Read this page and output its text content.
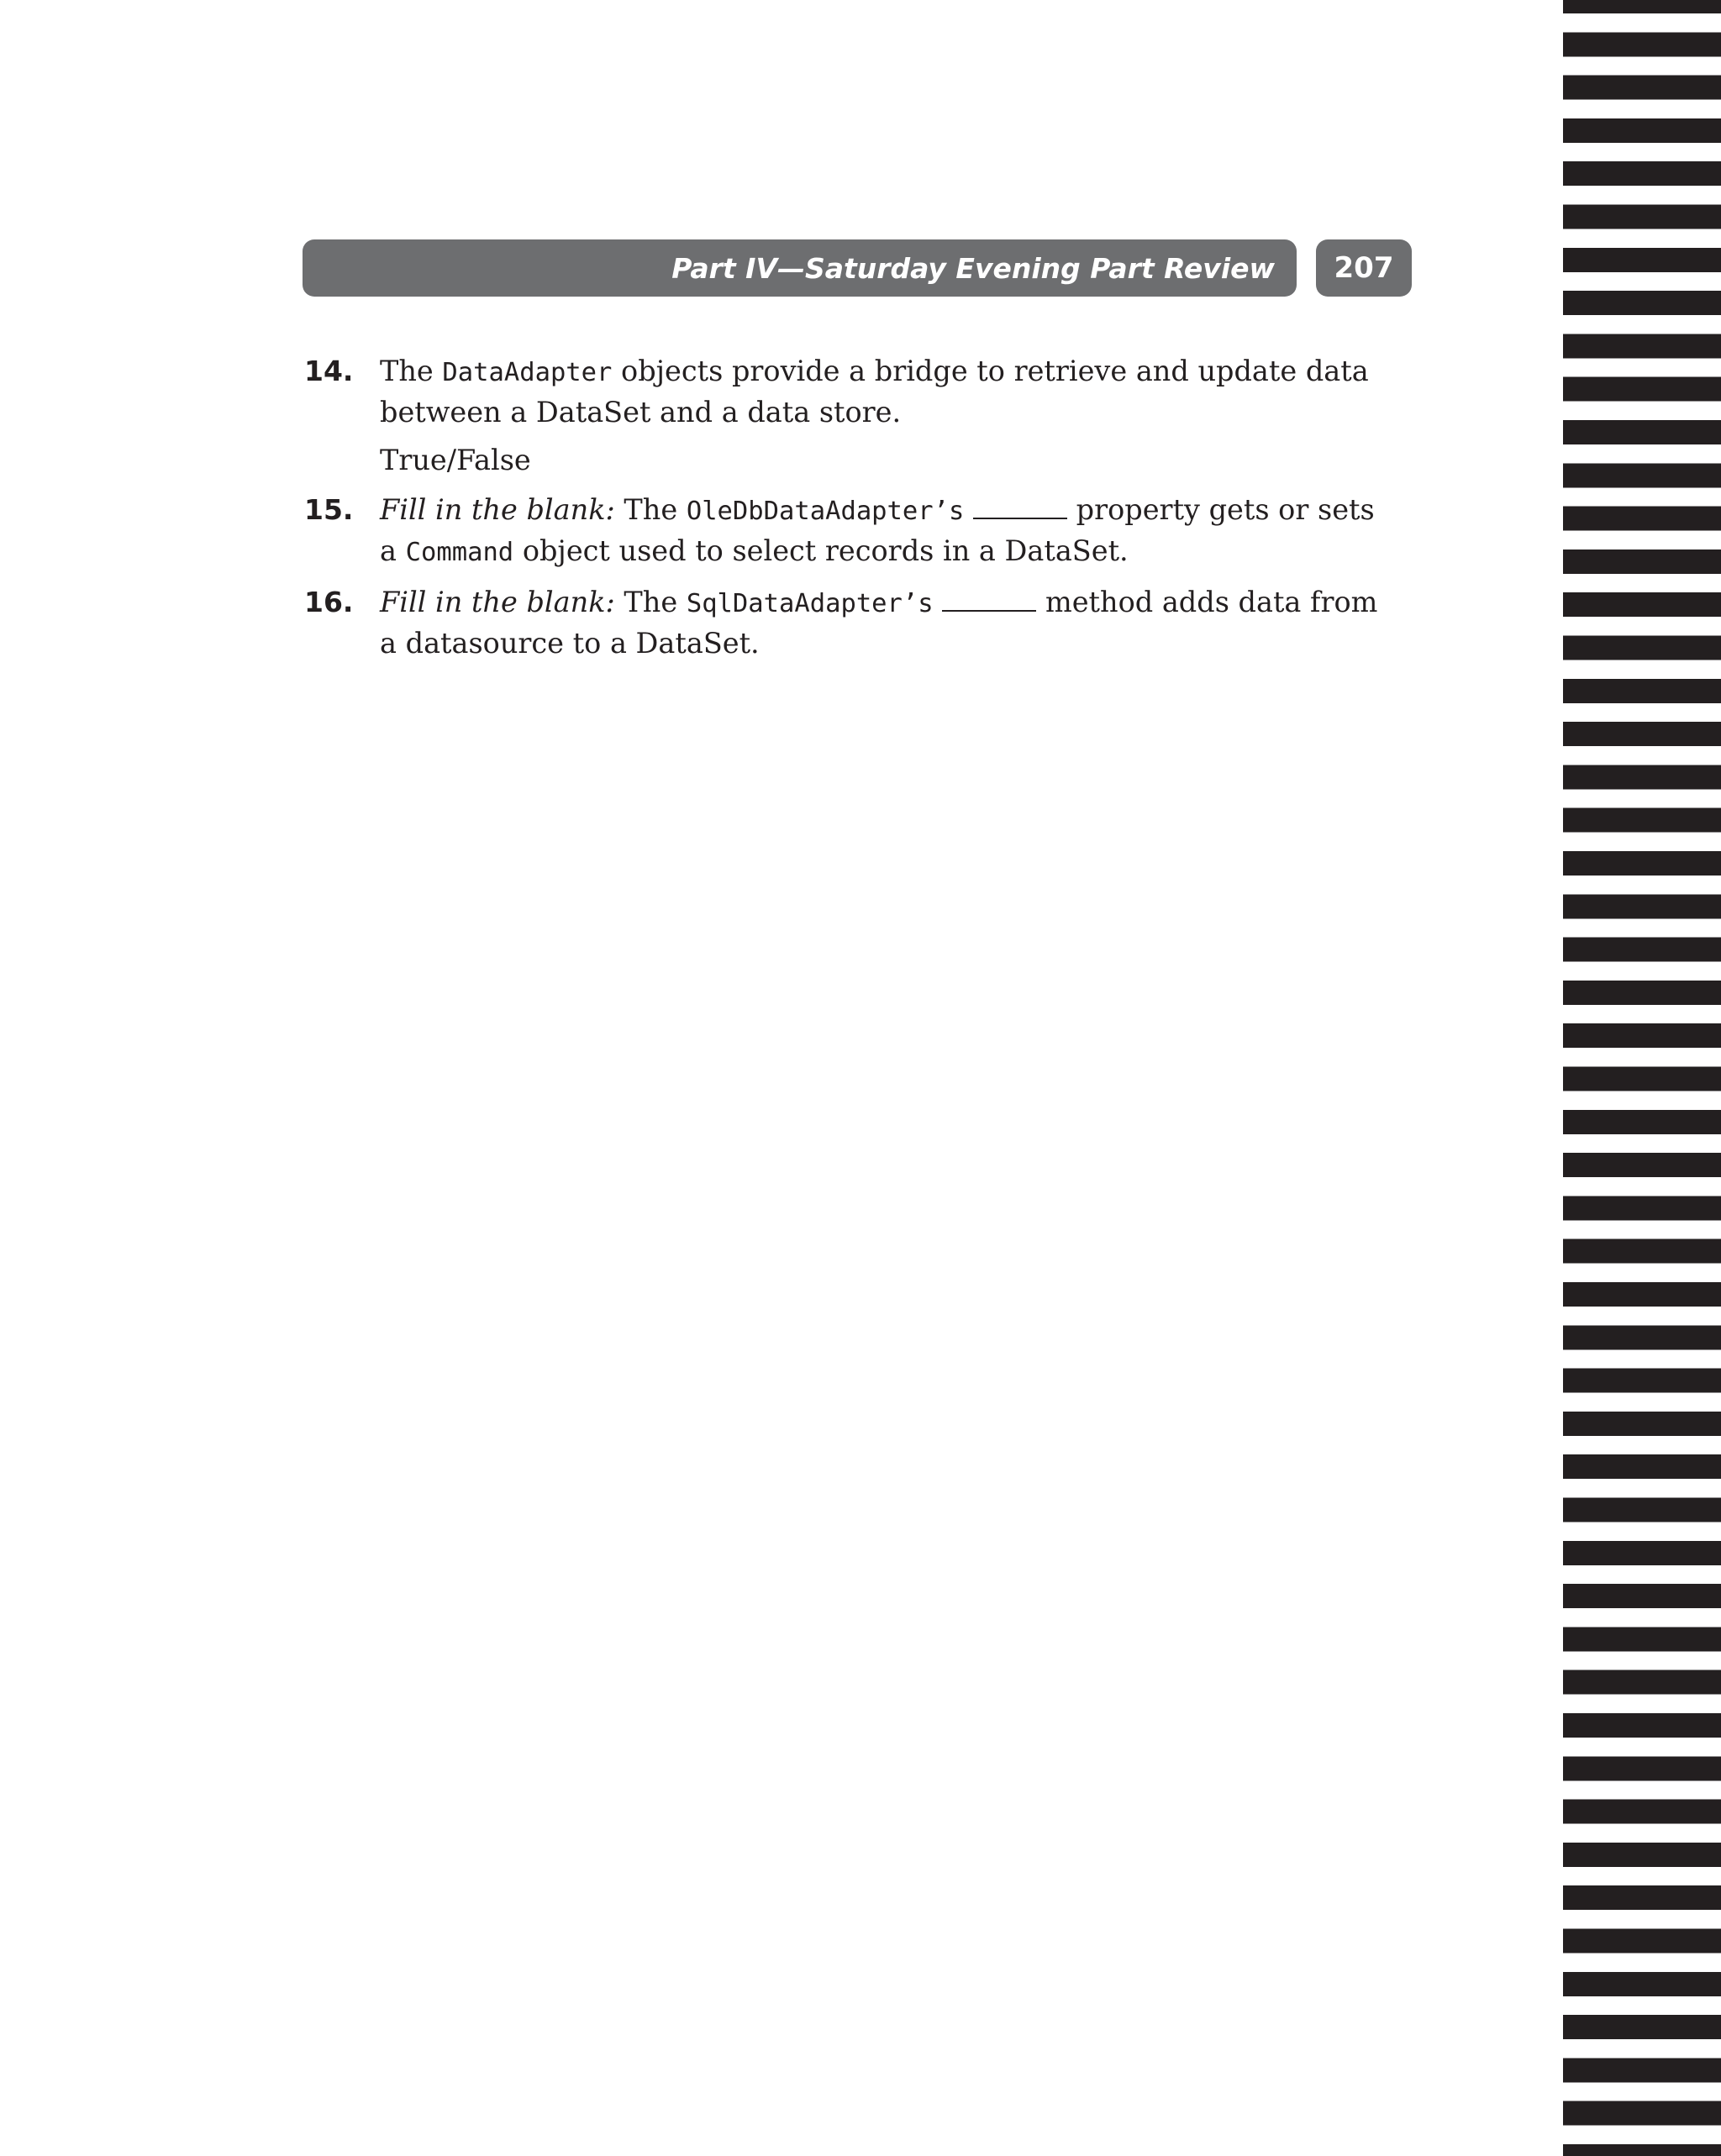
Part IV—Saturday Evening Part Review 207
14. The DataAdapter objects provide a bridge to retrieve and update data between a DataSet and a data store.
True/False
15. Fill in the blank: The OleDbDataAdapter’s	property gets or sets a Command object used to select records in a DataSet.
16. Fill in the blank: The SqlDataAdapter’s	method adds data from a datasource to a DataSet.
